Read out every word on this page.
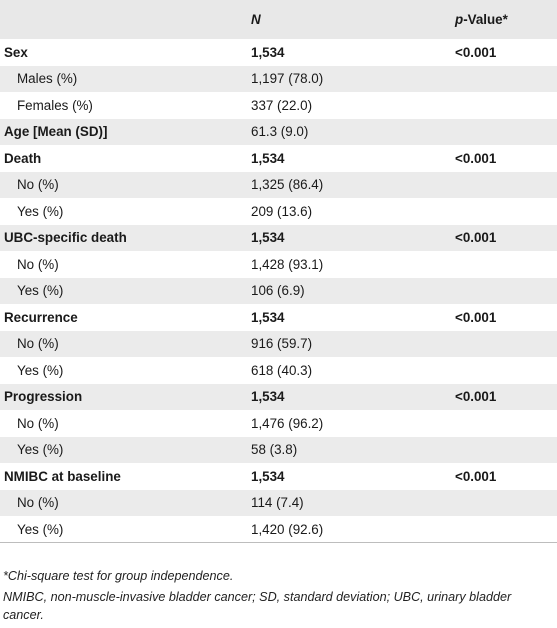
	N	p-Value*
Sex	1,534	<0.001
Males (%)	1,197 (78.0)	
Females (%)	337 (22.0)	
Age [Mean (SD)]	61.3 (9.0)	
Death	1,534	<0.001
No (%)	1,325 (86.4)	
Yes (%)	209 (13.6)	
UBC-specific death	1,534	<0.001
No (%)	1,428 (93.1)	
Yes (%)	106 (6.9)	
Recurrence	1,534	<0.001
No (%)	916 (59.7)	
Yes (%)	618 (40.3)	
Progression	1,534	<0.001
No (%)	1,476 (96.2)	
Yes (%)	58 (3.8)	
NMIBC at baseline	1,534	<0.001
No (%)	114 (7.4)	
Yes (%)	1,420 (92.6)	

*Chi-square test for group independence.

NMIBC, non-muscle-invasive bladder cancer; SD, standard deviation; UBC, urinary bladder cancer.
